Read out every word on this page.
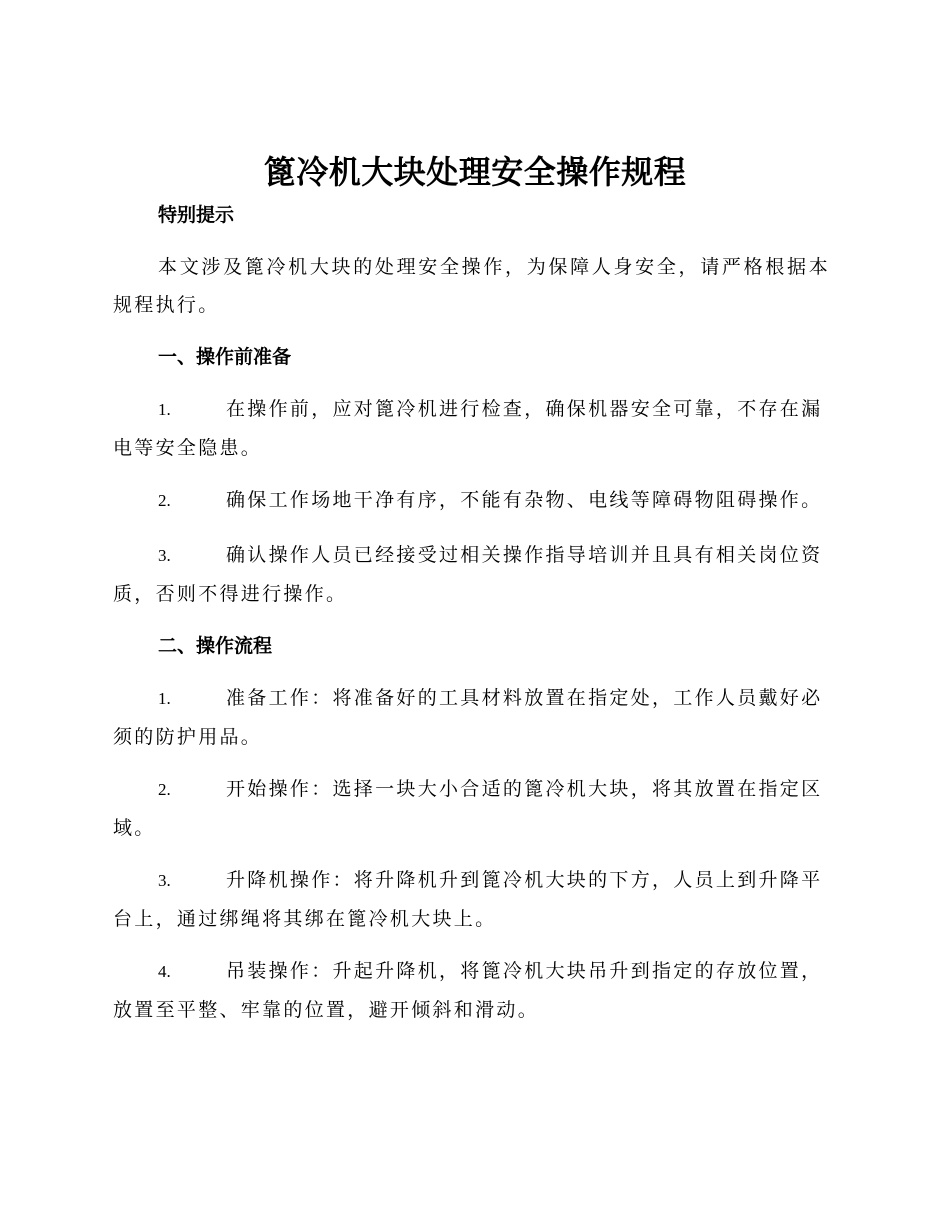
篦冷机大块处理安全操作规程
特别提示

本文涉及篦冷机大块的处理安全操作，为保障人身安全，请严格根据本规程执行。

一、操作前准备

1.	在操作前，应对篦冷机进行检查，确保机器安全可靠，不存在漏电等安全隐患。

2.	确保工作场地干净有序，不能有杂物、电线等障碍物阻碍操作。

3.	确认操作人员已经接受过相关操作指导培训并且具有相关岗位资质，否则不得进行操作。

二、操作流程

1.	准备工作：将准备好的工具材料放置在指定处，工作人员戴好必须的防护用品。

2.	开始操作：选择一块大小合适的篦冷机大块，将其放置在指定区域。

3.	升降机操作：将升降机升到篦冷机大块的下方，人员上到升降平台上，通过绑绳将其绑在篦冷机大块上。

4.	吊装操作：升起升降机，将篦冷机大块吊升到指定的存放位置，放置至平整、牢靠的位置，避开倾斜和滑动。
